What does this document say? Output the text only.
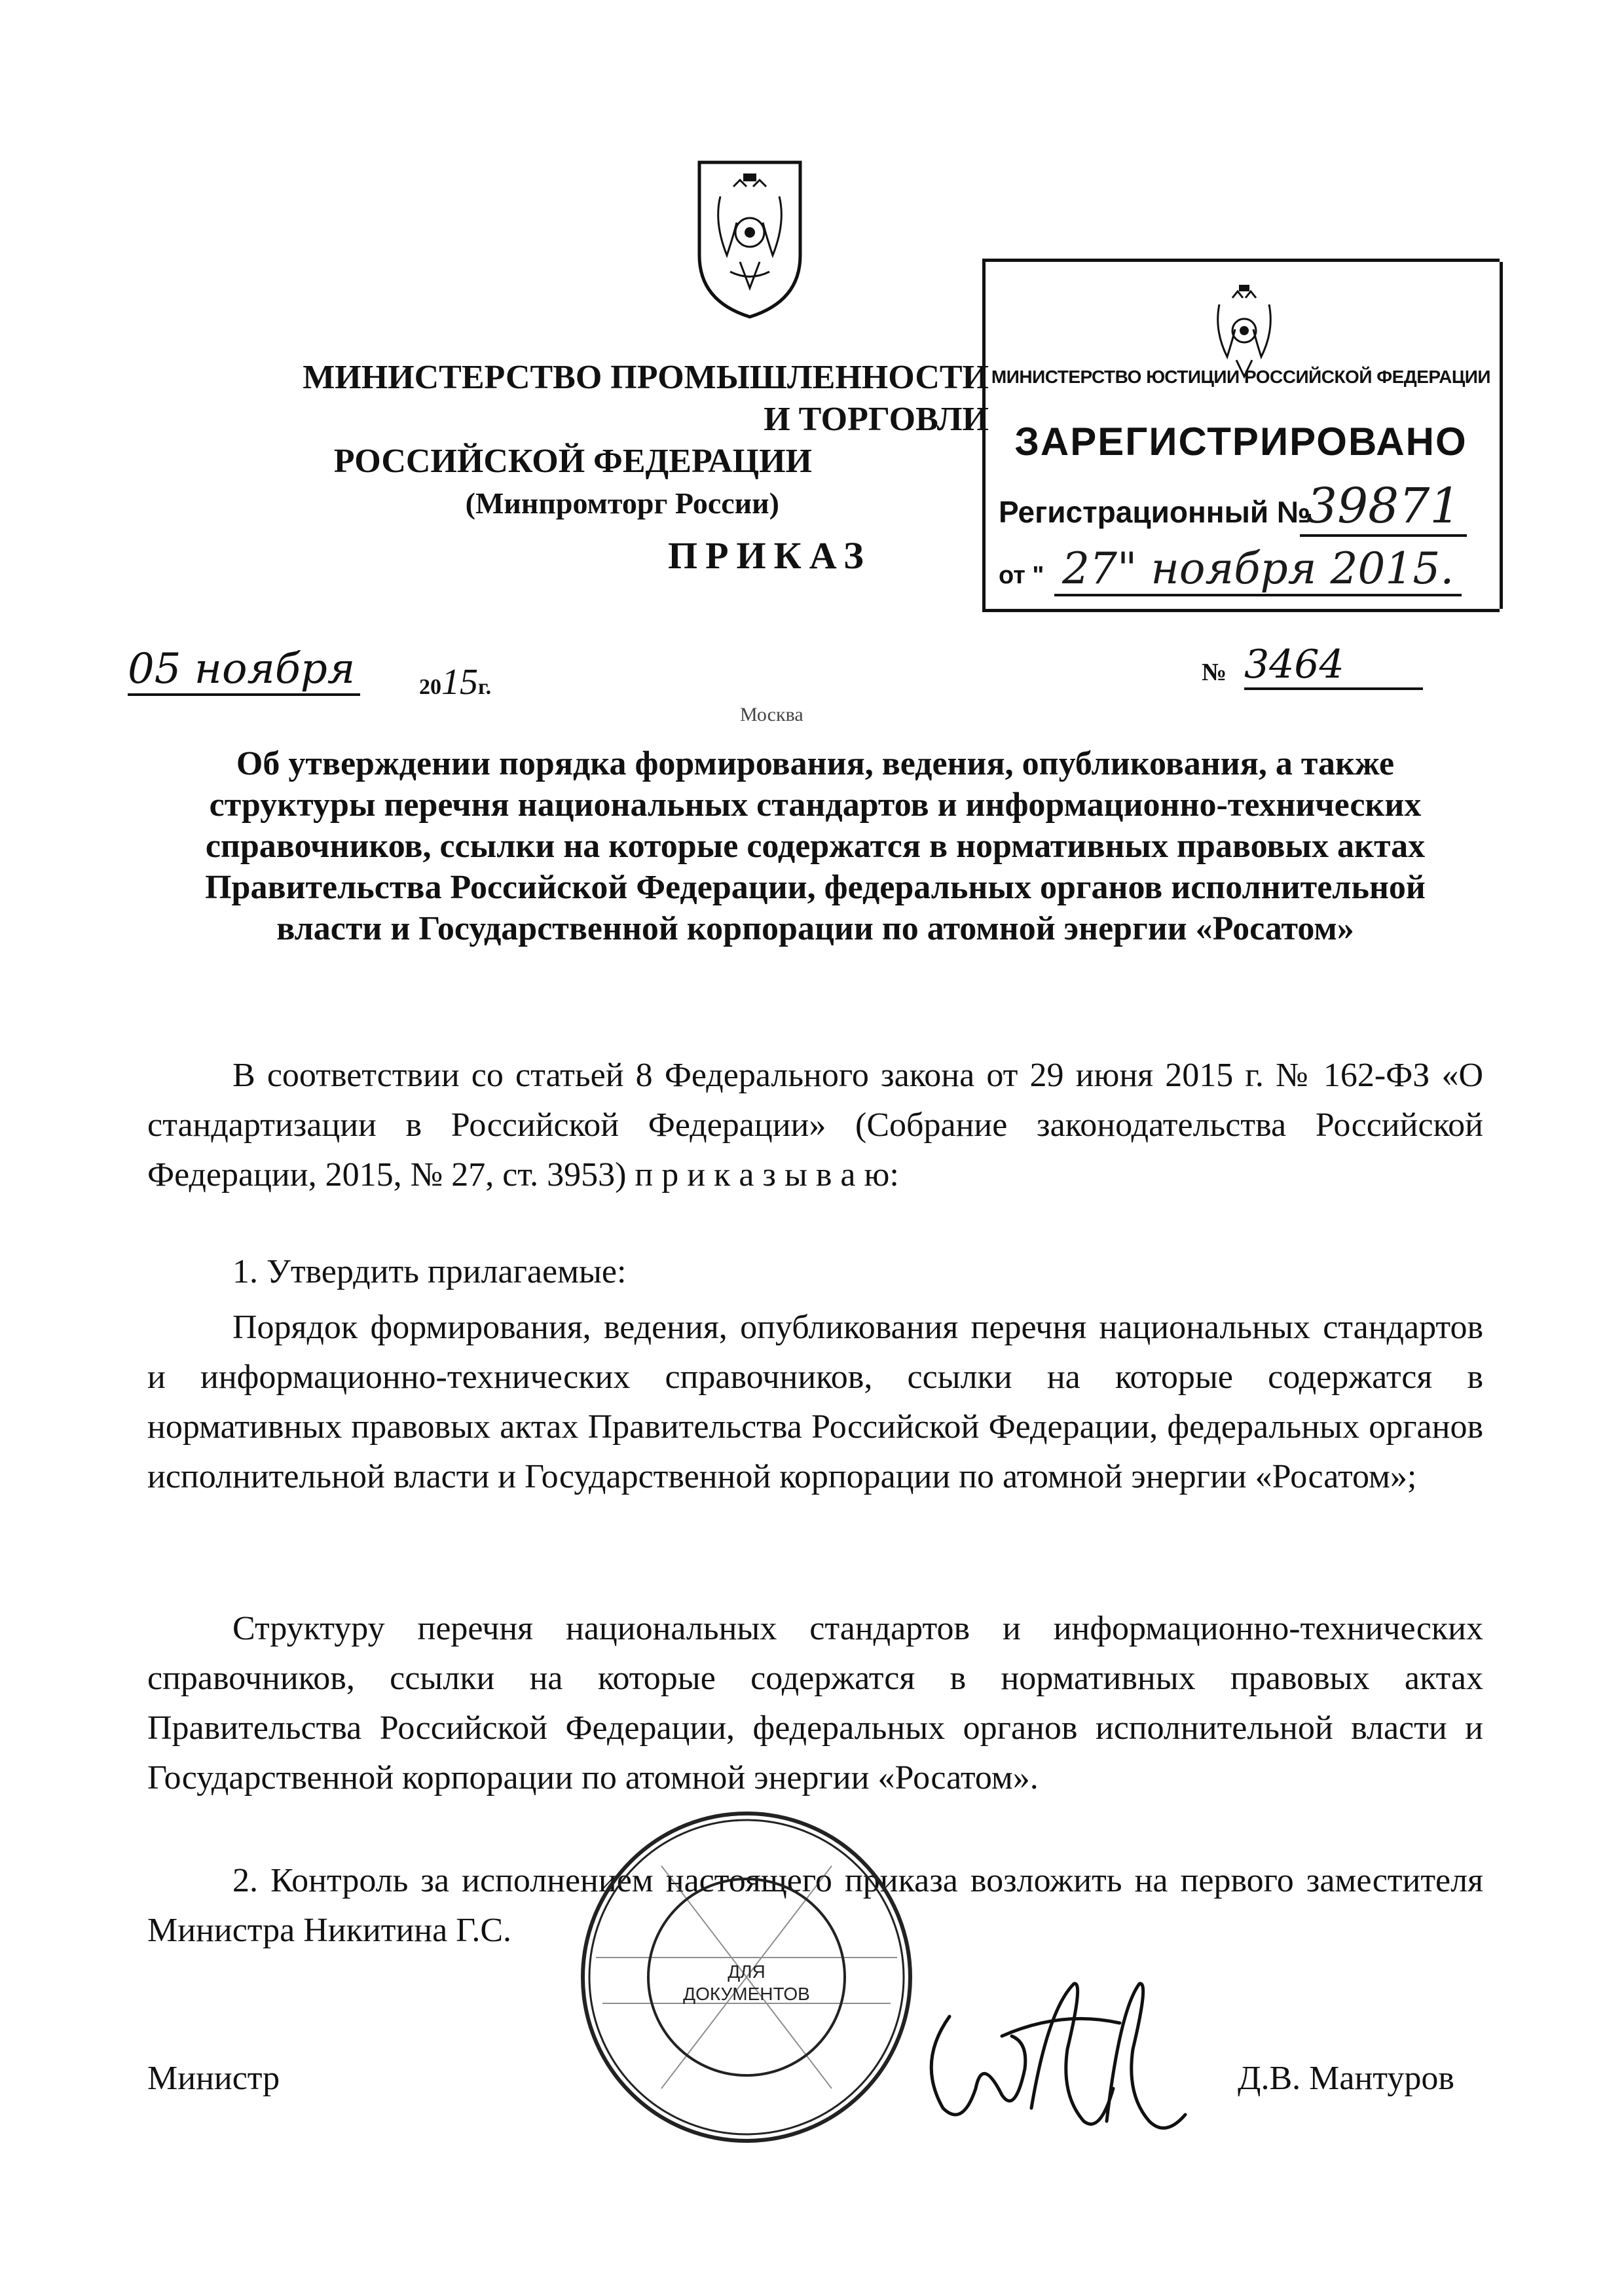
МИНИСТЕРСТВО ПРОМЫШЛЕННОСТИ И ТОРГОВЛИ
РОССИЙСКОЙ ФЕДЕРАЦИИ
(Минпромторг России)
МИНИСТЕРСТВО ЮСТИЦИИ РОССИЙСКОЙ ФЕДЕРАЦИИ
ЗАРЕГИСТРИРОВАНО
Регистрационный №
39871
от " 27" ноября 2015.
ПРИКАЗ
05 ноября	2015г.
№ 3464
Москва
Об утверждении порядка формирования, ведения, опубликования, а также структуры перечня национальных стандартов и информационно-технических справочников, ссылки на которые содержатся в нормативных правовых актах Правительства Российской Федерации, федеральных органов исполнительной власти и Государственной корпорации по атомной энергии «Росатом»
В соответствии со статьей 8 Федерального закона от 29 июня 2015 г. № 162-ФЗ «О стандартизации в Российской Федерации» (Собрание законодательства Российской Федерации, 2015, № 27, ст. 3953) п р и к а з ы в а ю:
1. Утвердить прилагаемые:
Порядок формирования, ведения, опубликования перечня национальных стандартов и информационно-технических справочников, ссылки на которые содержатся в нормативных правовых актах Правительства Российской Федерации, федеральных органов исполнительной власти и Государственной корпорации по атомной энергии «Росатом»;
Структуру перечня национальных стандартов и информационно-технических справочников, ссылки на которые содержатся в нормативных правовых актах Правительства Российской Федерации, федеральных органов исполнительной власти и Государственной корпорации по атомной энергии «Росатом».
2. Контроль за исполнением настоящего приказа возложить на первого заместителя Министра Никитина Г.С.
ДЛЯ
ДОКУМЕНТОВ
Министр	Д.В. Мантуров
